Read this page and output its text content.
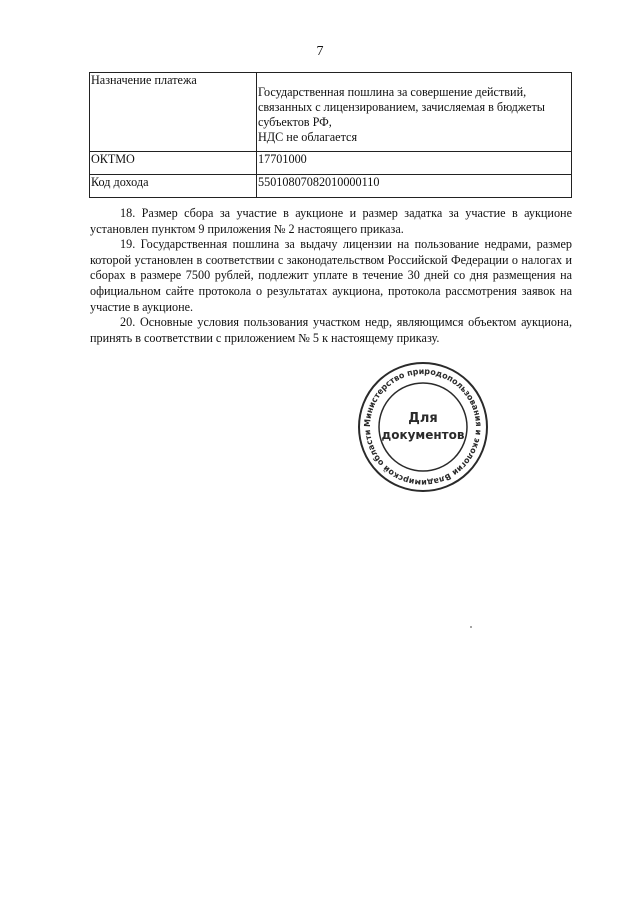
7
Назначение платежа	Государственная пошлина за совершение действий,
связанных с лицензированием, зачисляемая в бюджеты
субъектов РФ,
НДС не облагается

ОКТМО	17701000
Код дохода	55010807082010000110

18. Размер сбора за участие в аукционе и размер задатка за участие в аукционе установлен пунктом 9 приложения № 2 настоящего приказа.

19. Государственная пошлина за выдачу лицензии на пользование недрами, размер которой установлен в соответствии с законодательством Российской Федерации о налогах и сборах в размере 7500 рублей, подлежит уплате в течение 30 дней со дня размещения на официальном сайте протокола о результатах аукциона, протокола рассмотрения заявок на участие в аукционе.

20. Основные условия пользования участком недр, являющимся объектом аукциона, принять в соответствии с приложением № 5 к настоящему приказу.

Министерство природопользования и экологии Владимирской области
Для
документов
